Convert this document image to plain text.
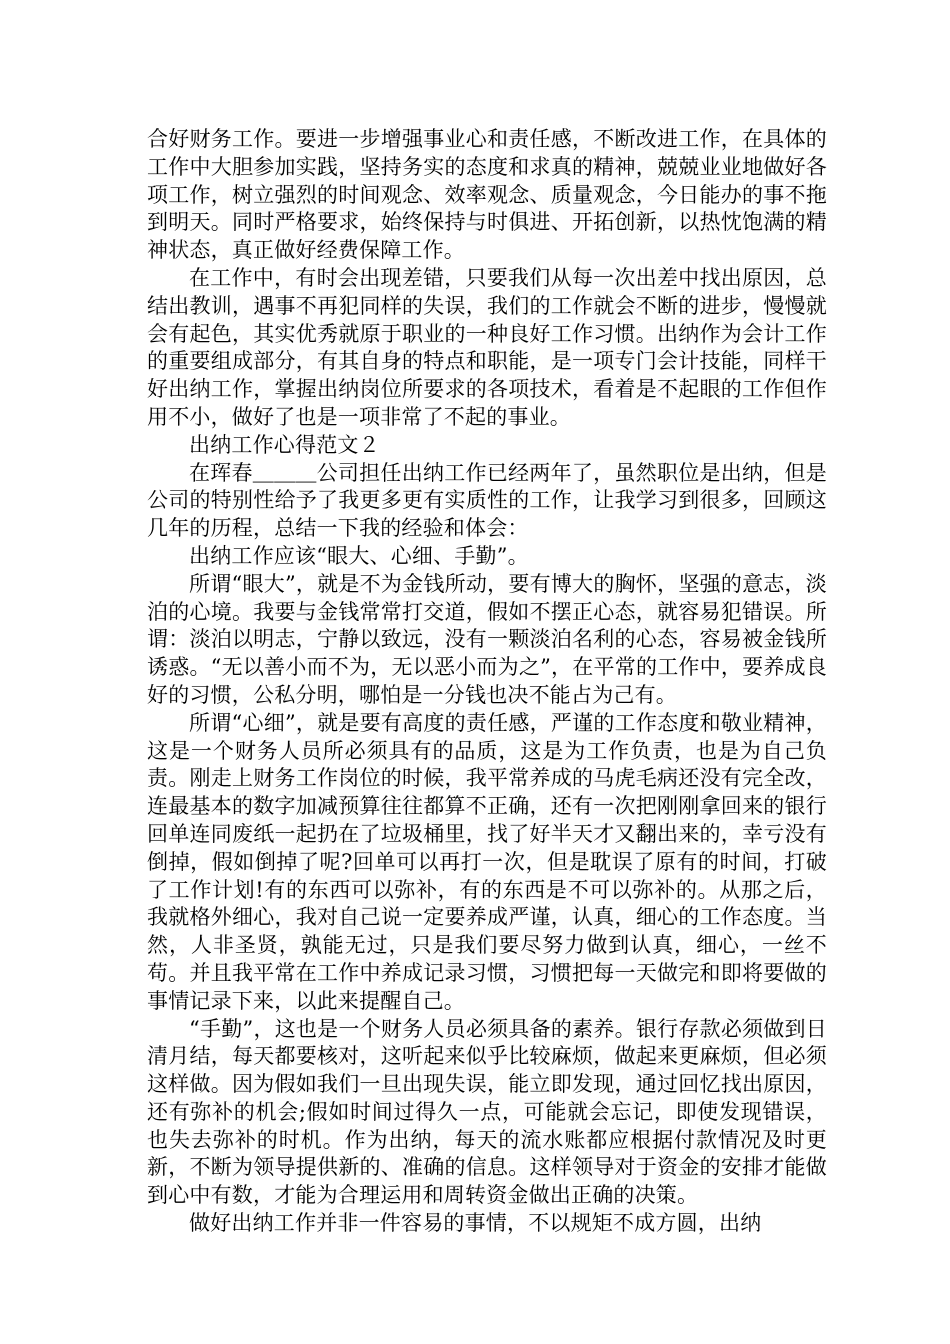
合好财务工作。要进一步增强事业心和责任感，不断改进工作，在具体的工作中大胆参加实践，坚持务实的态度和求真的精神，兢兢业业地做好各项工作，树立强烈的时间观念、效率观念、质量观念，今日能办的事不拖到明天。同时严格要求，始终保持与时俱进、开拓创新，以热忱饱满的精神状态，真正做好经费保障工作。

在工作中，有时会出现差错，只要我们从每一次出差中找出原因，总结出教训，遇事不再犯同样的失误，我们的工作就会不断的进步，慢慢就会有起色，其实优秀就原于职业的一种良好工作习惯。出纳作为会计工作的重要组成部分，有其自身的特点和职能，是一项专门会计技能，同样干好出纳工作，掌握出纳岗位所要求的各项技术，看着是不起眼的工作但作用不小，做好了也是一项非常了不起的事业。

出纳工作心得范文２

在珲春＿＿＿公司担任出纳工作已经两年了，虽然职位是出纳，但是公司的特别性给予了我更多更有实质性的工作，让我学习到很多，回顾这几年的历程，总结一下我的经验和体会：

出纳工作应该“眼大、心细、手勤”。

所谓“眼大”，就是不为金钱所动，要有博大的胸怀，坚强的意志，淡泊的心境。我要与金钱常常打交道，假如不摆正心态，就容易犯错误。所谓：淡泊以明志，宁静以致远，没有一颗淡泊名利的心态，容易被金钱所诱惑。“无以善小而不为，无以恶小而为之”，在平常的工作中，要养成良好的习惯，公私分明，哪怕是一分钱也决不能占为己有。

所谓“心细”，就是要有高度的责任感，严谨的工作态度和敬业精神，这是一个财务人员所必须具有的品质，这是为工作负责，也是为自己负责。刚走上财务工作岗位的时候，我平常养成的马虎毛病还没有完全改，连最基本的数字加减预算往往都算不正确，还有一次把刚刚拿回来的银行回单连同废纸一起扔在了垃圾桶里，找了好半天才又翻出来的，幸亏没有倒掉，假如倒掉了呢?回单可以再打一次，但是耽误了原有的时间，打破了工作计划!有的东西可以弥补，有的东西是不可以弥补的。从那之后，我就格外细心，我对自己说一定要养成严谨，认真，细心的工作态度。当然，人非圣贤，孰能无过，只是我们要尽努力做到认真，细心，一丝不苟。并且我平常在工作中养成记录习惯，习惯把每一天做完和即将要做的事情记录下来，以此来提醒自己。

“手勤”，这也是一个财务人员必须具备的素养。银行存款必须做到日清月结，每天都要核对，这听起来似乎比较麻烦，做起来更麻烦，但必须这样做。因为假如我们一旦出现失误，能立即发现，通过回忆找出原因，还有弥补的机会;假如时间过得久一点，可能就会忘记，即使发现错误，也失去弥补的时机。作为出纳，每天的流水账都应根据付款情况及时更新，不断为领导提供新的、准确的信息。这样领导对于资金的安排才能做到心中有数，才能为合理运用和周转资金做出正确的决策。

做好出纳工作并非一件容易的事情，不以规矩不成方圆，出纳
